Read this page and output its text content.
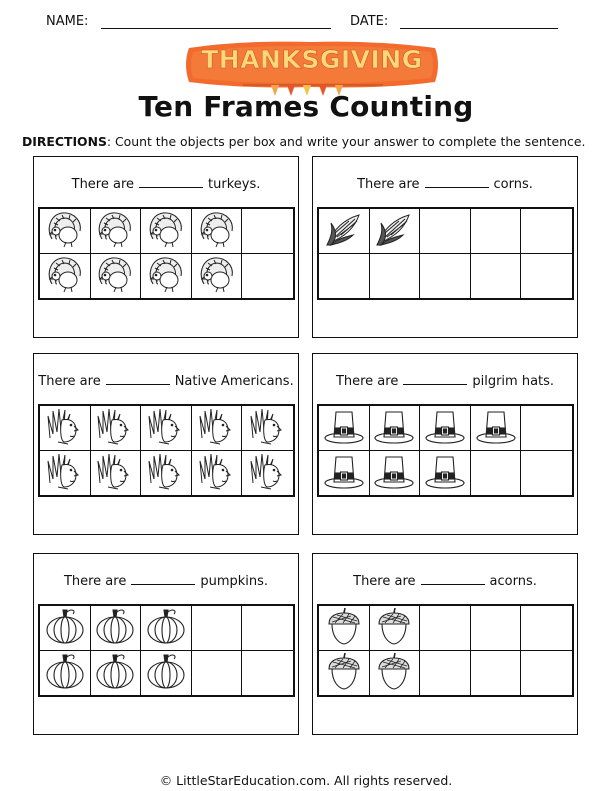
NAME:	DATE:
THANKSGIVING
Ten Frames Counting
DIRECTIONS: Count the objects per box and write your answer to complete the sentence.
There are	turkeys.	There are	corns.
There are	Native Americans.	There are	pilgrim hats.
There are	pumpkins.	There are	acorns.
© LittleStarEducation.com. All rights reserved.
